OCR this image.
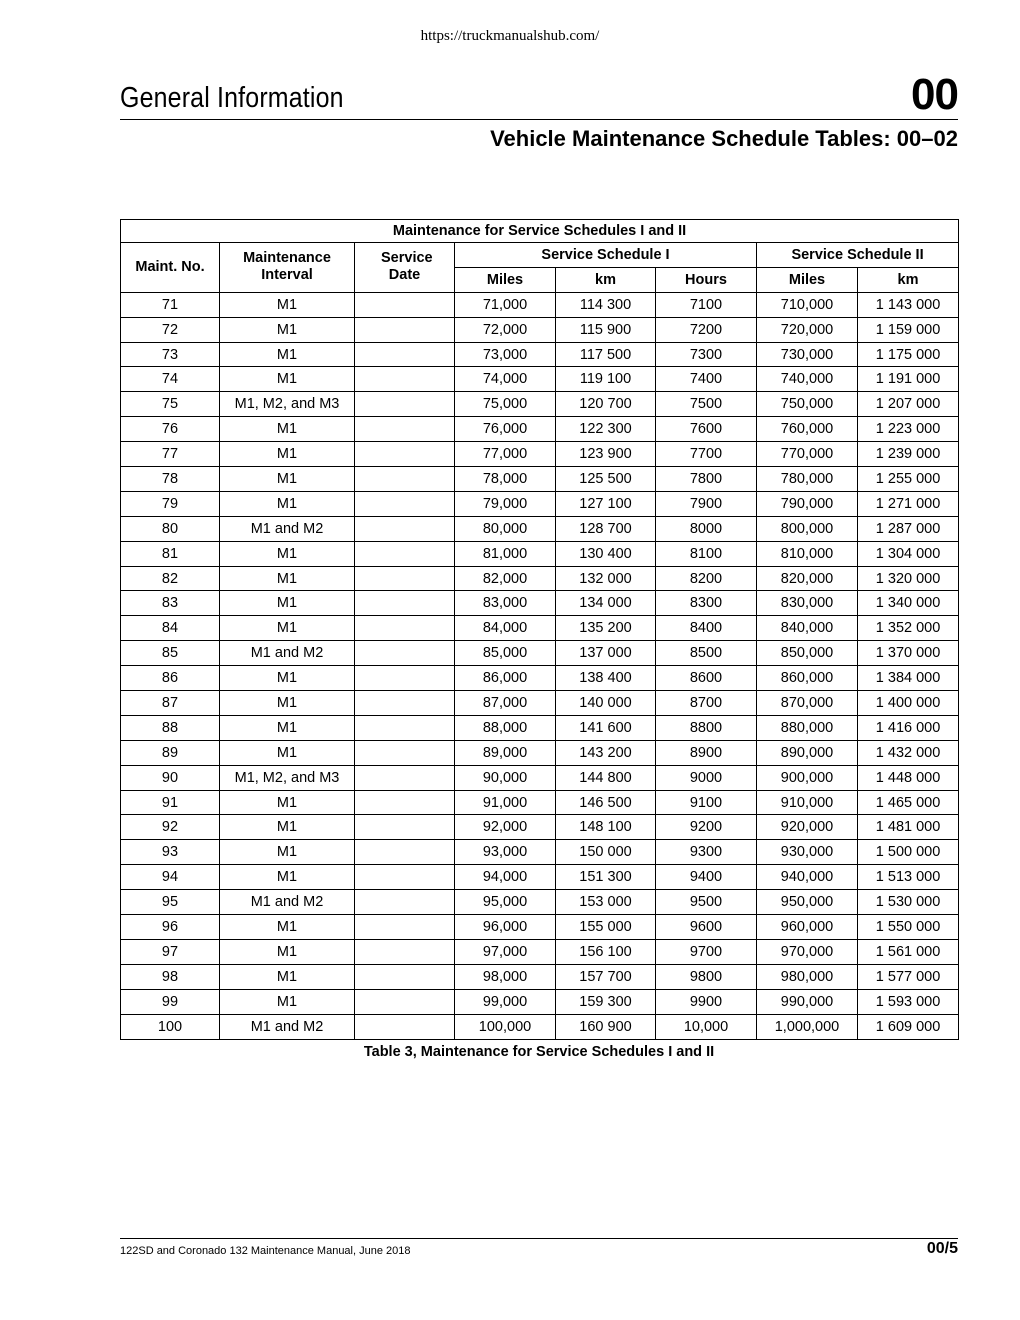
https://truckmanualshub.com/
General Information	00
Vehicle Maintenance Schedule Tables: 00–02
Maintenance for Service Schedules I and II							
Maint. No.	Maintenance Interval	Service Date	Service Schedule I			Service Schedule II	
			Miles	km	Hours	Miles	km
71	M1		71,000	114 300	7100	710,000	1 143 000
72	M1		72,000	115 900	7200	720,000	1 159 000
73	M1		73,000	117 500	7300	730,000	1 175 000
74	M1		74,000	119 100	7400	740,000	1 191 000
75	M1, M2, and M3		75,000	120 700	7500	750,000	1 207 000
76	M1		76,000	122 300	7600	760,000	1 223 000
77	M1		77,000	123 900	7700	770,000	1 239 000
78	M1		78,000	125 500	7800	780,000	1 255 000
79	M1		79,000	127 100	7900	790,000	1 271 000
80	M1 and M2		80,000	128 700	8000	800,000	1 287 000
81	M1		81,000	130 400	8100	810,000	1 304 000
82	M1		82,000	132 000	8200	820,000	1 320 000
83	M1		83,000	134 000	8300	830,000	1 340 000
84	M1		84,000	135 200	8400	840,000	1 352 000
85	M1 and M2		85,000	137 000	8500	850,000	1 370 000
86	M1		86,000	138 400	8600	860,000	1 384 000
87	M1		87,000	140 000	8700	870,000	1 400 000
88	M1		88,000	141 600	8800	880,000	1 416 000
89	M1		89,000	143 200	8900	890,000	1 432 000
90	M1, M2, and M3		90,000	144 800	9000	900,000	1 448 000
91	M1		91,000	146 500	9100	910,000	1 465 000
92	M1		92,000	148 100	9200	920,000	1 481 000
93	M1		93,000	150 000	9300	930,000	1 500 000
94	M1		94,000	151 300	9400	940,000	1 513 000
95	M1 and M2		95,000	153 000	9500	950,000	1 530 000
96	M1		96,000	155 000	9600	960,000	1 550 000
97	M1		97,000	156 100	9700	970,000	1 561 000
98	M1		98,000	157 700	9800	980,000	1 577 000
99	M1		99,000	159 300	9900	990,000	1 593 000
100	M1 and M2		100,000	160 900	10,000	1,000,000	1 609 000
Table 3, Maintenance for Service Schedules I and II
122SD and Coronado 132 Maintenance Manual, June 2018	00/5
